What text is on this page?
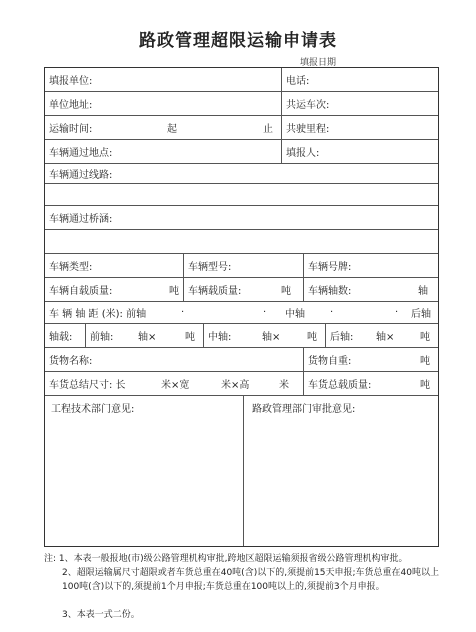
路政管理超限运输申请表
填报日期
填报单位:	电话:
单位地址:	共运车次:
运输时间:	起	止	共驶里程:
车辆通过地点:	填报人:
车辆通过线路:
车辆通过桥涵:
车辆类型:	车辆型号:	车辆号牌:
车辆自载质量:	吨 车辆载质量:	吨 车辆轴数:	轴
车 辆 轴 距 (米): 前轴	·	· 中轴	·	· 后轴
轴载:	前轴: 轴×	吨 中轴:	轴×	吨 后轴: 轴×	吨
货物名称:	货物自重:	吨
车货总结尺寸: 长	米×宽	米×高	米 车货总载质量:	吨
工程技术部门意见:	路政管理部门审批意见:
注: 1、本表一般报地(市)级公路管理机构审批,跨地区超限运输须报省级公路管理机构审批。
2、超限运输属尺寸超限或者车货总重在40吨(含)以下的,须提前15天申报;车货总重在40吨以上100吨(含)以下的,须提前1个月申报;车货总重在100吨以上的,须提前3个月申报。
3、本表一式二份。
